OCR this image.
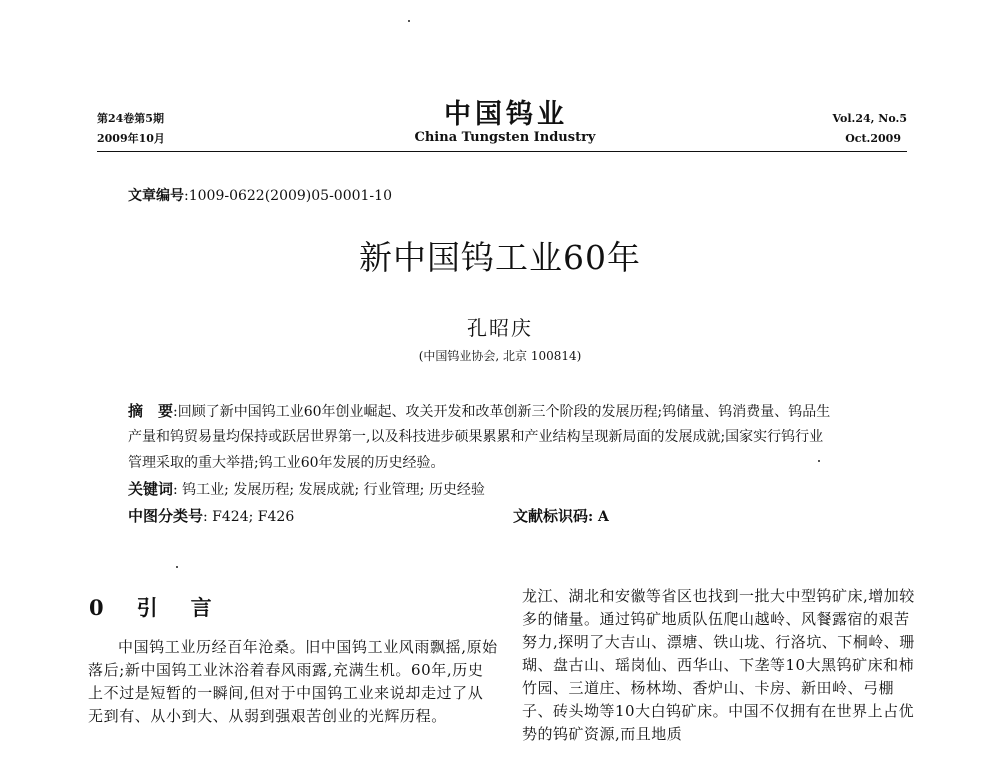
第24卷第5期
2009年10月
中国钨业
China Tungsten Industry
Vol.24, No.5
Oct.2009
文章编号:1009-0622(2009)05-0001-10
新中国钨工业60年
孔昭庆
(中国钨业协会, 北京 100814)
摘　要:回顾了新中国钨工业60年创业崛起、攻关开发和改革创新三个阶段的发展历程;钨储量、钨消费量、钨品生
产量和钨贸易量均保持或跃居世界第一,以及科技进步硕果累累和产业结构呈现新局面的发展成就;国家实行钨行业
管理采取的重大举措;钨工业60年发展的历史经验。
关键词: 钨工业; 发展历程; 发展成就; 行业管理; 历史经验
中图分类号: F424; F426	文献标识码: A
0　引　言

中国钨工业历经百年沧桑。旧中国钨工业风雨飘摇,原始落后;新中国钨工业沐浴着春风雨露,充满生机。60年,历史上不过是短暂的一瞬间,但对于中国钨工业来说却走过了从无到有、从小到大、从弱到强艰苦创业的光辉历程。

龙江、湖北和安徽等省区也找到一批大中型钨矿床,增加较多的储量。通过钨矿地质队伍爬山越岭、风餐露宿的艰苦努力,探明了大吉山、漂塘、铁山垅、行洛坑、下桐岭、珊瑚、盘古山、瑶岗仙、西华山、下垄等10大黑钨矿床和柿竹园、三道庄、杨林坳、香炉山、卡房、新田岭、弓棚子、砖头坳等10大白钨矿床。中国不仅拥有在世界上占优势的钨矿资源,而且地质
